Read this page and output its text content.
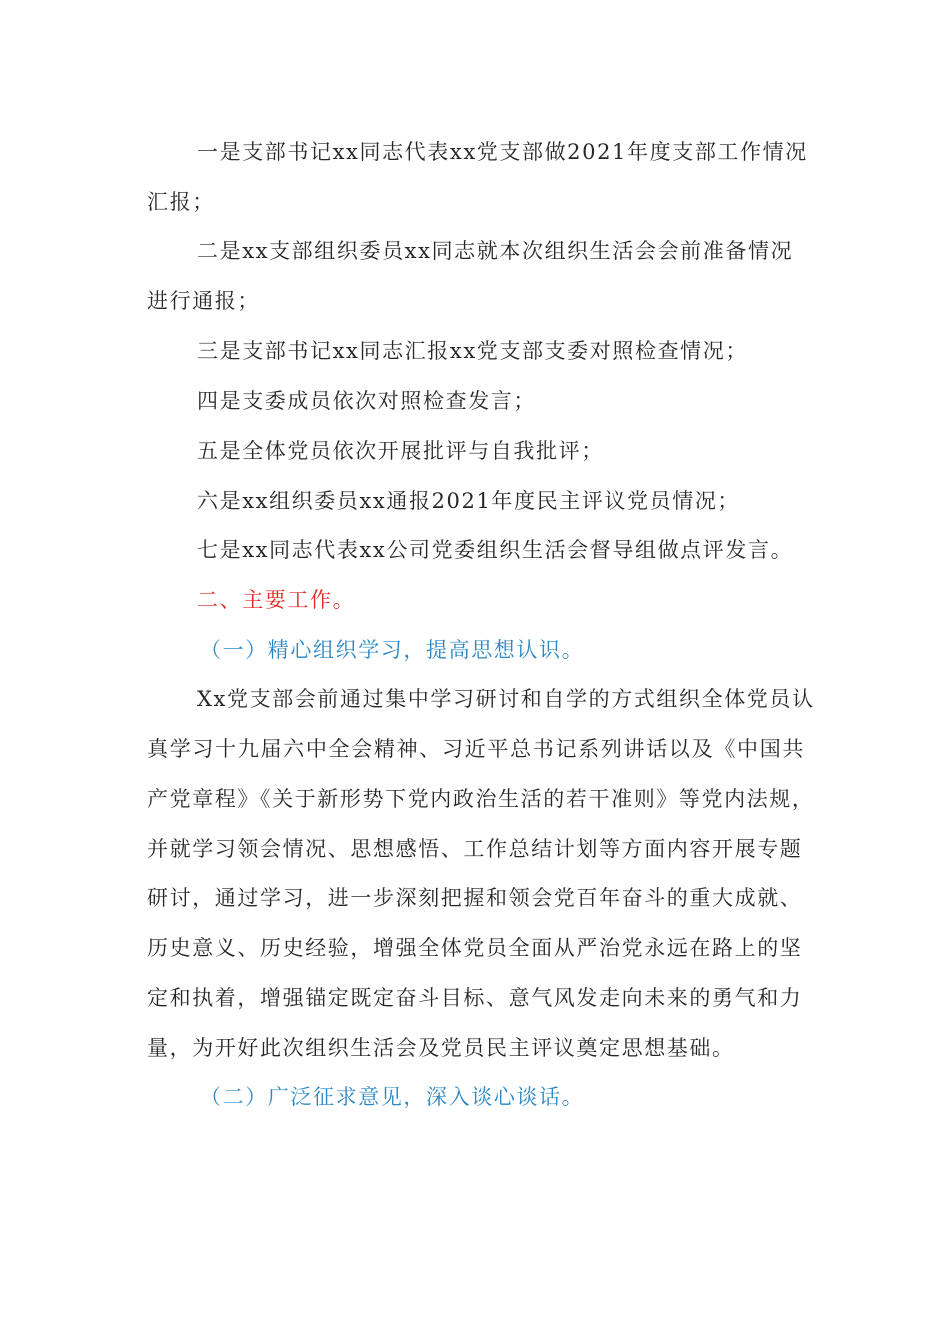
一是支部书记xx同志代表xx党支部做2021年度支部工作情况
汇报；
二是xx支部组织委员xx同志就本次组织生活会会前准备情况
进行通报；
三是支部书记xx同志汇报xx党支部支委对照检查情况；
四是支委成员依次对照检查发言；
五是全体党员依次开展批评与自我批评；
六是xx组织委员xx通报2021年度民主评议党员情况；
七是xx同志代表xx公司党委组织生活会督导组做点评发言。
二、主要工作。
（一）精心组织学习，提高思想认识。
Xx党支部会前通过集中学习研讨和自学的方式组织全体党员认
真学习十九届六中全会精神、习近平总书记系列讲话以及《中国共
产党章程》《关于新形势下党内政治生活的若干准则》等党内法规，
并就学习领会情况、思想感悟、工作总结计划等方面内容开展专题
研讨，通过学习，进一步深刻把握和领会党百年奋斗的重大成就、
历史意义、历史经验，增强全体党员全面从严治党永远在路上的坚
定和执着，增强锚定既定奋斗目标、意气风发走向未来的勇气和力
量，为开好此次组织生活会及党员民主评议奠定思想基础。
（二）广泛征求意见，深入谈心谈话。
